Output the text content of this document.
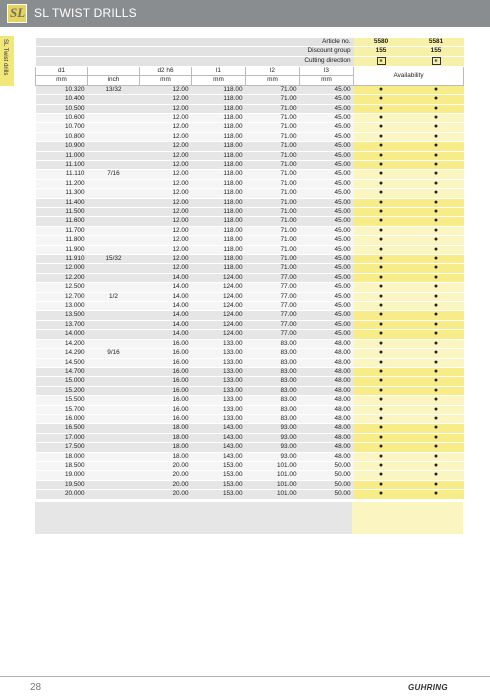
SL SL TWIST DRILLS
SL Twist drills	Article no.						5580	5581
Discount group						155	155
Cutting direction						R	R
d1		d2 h6	l1	l2	l3	Availability	
mm	inch	mm	mm	mm	mm		
10.320	13/32	12.00	118.00	71.00	45.00	●	●
10.400		12.00	118.00	71.00	45.00	●	●
10.500		12.00	118.00	71.00	45.00	●	●
10.600		12.00	118.00	71.00	45.00	●	●
10.700		12.00	118.00	71.00	45.00	●	●
10.800		12.00	118.00	71.00	45.00	●	●
10.900		12.00	118.00	71.00	45.00	●	●
11.000		12.00	118.00	71.00	45.00	●	●
11.100		12.00	118.00	71.00	45.00	●	●
11.110	7/16	12.00	118.00	71.00	45.00	●	●
11.200		12.00	118.00	71.00	45.00	●	●
11.300		12.00	118.00	71.00	45.00	●	●
11.400		12.00	118.00	71.00	45.00	●	●
11.500		12.00	118.00	71.00	45.00	●	●
11.600		12.00	118.00	71.00	45.00	●	●
11.700		12.00	118.00	71.00	45.00	●	●
11.800		12.00	118.00	71.00	45.00	●	●
11.900		12.00	118.00	71.00	45.00	●	●
11.910	15/32	12.00	118.00	71.00	45.00	●	●
12.000		12.00	118.00	71.00	45.00	●	●
12.200		14.00	124.00	77.00	45.00	●	●
12.500		14.00	124.00	77.00	45.00	●	●
12.700	1/2	14.00	124.00	77.00	45.00	●	●
13.000		14.00	124.00	77.00	45.00	●	●
13.500		14.00	124.00	77.00	45.00	●	●
13.700		14.00	124.00	77.00	45.00	●	●
14.000		14.00	124.00	77.00	45.00	●	●
14.200		16.00	133.00	83.00	48.00	●	●
14.290	9/16	16.00	133.00	83.00	48.00	●	●
14.500		16.00	133.00	83.00	48.00	●	●
14.700		16.00	133.00	83.00	48.00	●	●
15.000		16.00	133.00	83.00	48.00	●	●
15.200		16.00	133.00	83.00	48.00	●	●
15.500		16.00	133.00	83.00	48.00	●	●
15.700		16.00	133.00	83.00	48.00	●	●
16.000		16.00	133.00	83.00	48.00	●	●
16.500		18.00	143.00	93.00	48.00	●	●
17.000		18.00	143.00	93.00	48.00	●	●
17.500		18.00	143.00	93.00	48.00	●	●
18.000		18.00	143.00	93.00	48.00	●	●
18.500		20.00	153.00	101.00	50.00	●	●
19.000		20.00	153.00	101.00	50.00	●	●
19.500		20.00	153.00	101.00	50.00	●	●
20.000		20.00	153.00	101.00	50.00	●	●
28	GUHRING
